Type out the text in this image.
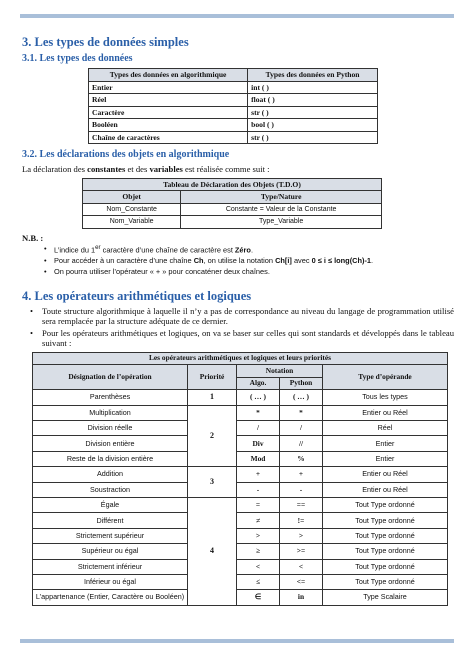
3. Les types de données simples
3.1. Les types des données
Types des données en algorithmique	Types des données en Python
Entier	int ( )
Réel	float ( )
Caractère	str ( )
Booléen	bool ( )
Chaîne de caractères	str ( )
3.2. Les déclarations des objets en algorithmique

La déclaration des constantes et des variables est réalisée comme suit :

Tableau de Déclaration des Objets (T.D.O)	
Objet	Type/Nature
Nom_Constante	Constante = Valeur de la Constante
Nom_Variable	Type_Variable
N.B. :
• L’indice du 1er caractère d’une chaîne de caractère est Zéro.
• Pour accéder à un caractère d’une chaîne Ch, on utilise la notation Ch[i] avec 0 ≤ i ≤ long(Ch)-1.
• On pourra utiliser l’opérateur « + » pour concaténer deux chaînes.
4. Les opérateurs arithmétiques et logiques
• Toute structure algorithmique à laquelle il n’y a pas de correspondance au niveau du langage de programmation utilisé sera remplacée par la structure adéquate de ce dernier.
• Pour les opérateurs arithmétiques et logiques, on va se baser sur celles qui sont standards et développés dans le tableau suivant :
Les opérateurs arithmétiques et logiques et leurs priorités				
Désignation de l’opération	Priorité	Notation		Type d’opérande
		Algo.	Python	
Parenthèses	1	( … )	( … )	Tous les types
Multiplication	2	*	*	Entier ou Réel
Division réelle		/	/	Réel
Division entière		Div	//	Entier
Reste de la division entière		Mod	%	Entier
Addition	3	+	+	Entier ou Réel
Soustraction		-	-	Entier ou Réel
Égale	4	=	==	Tout Type ordonné
Différent		≠	!=	Tout Type ordonné
Strictement supérieur		>	>	Tout Type ordonné
Supérieur ou égal		≥	>=	Tout Type ordonné
Strictement inférieur		<	<	Tout Type ordonné
Inférieur ou égal		≤	<=	Tout Type ordonné
L’appartenance (Entier, Caractère ou Booléen)		∈	in	Type Scalaire
